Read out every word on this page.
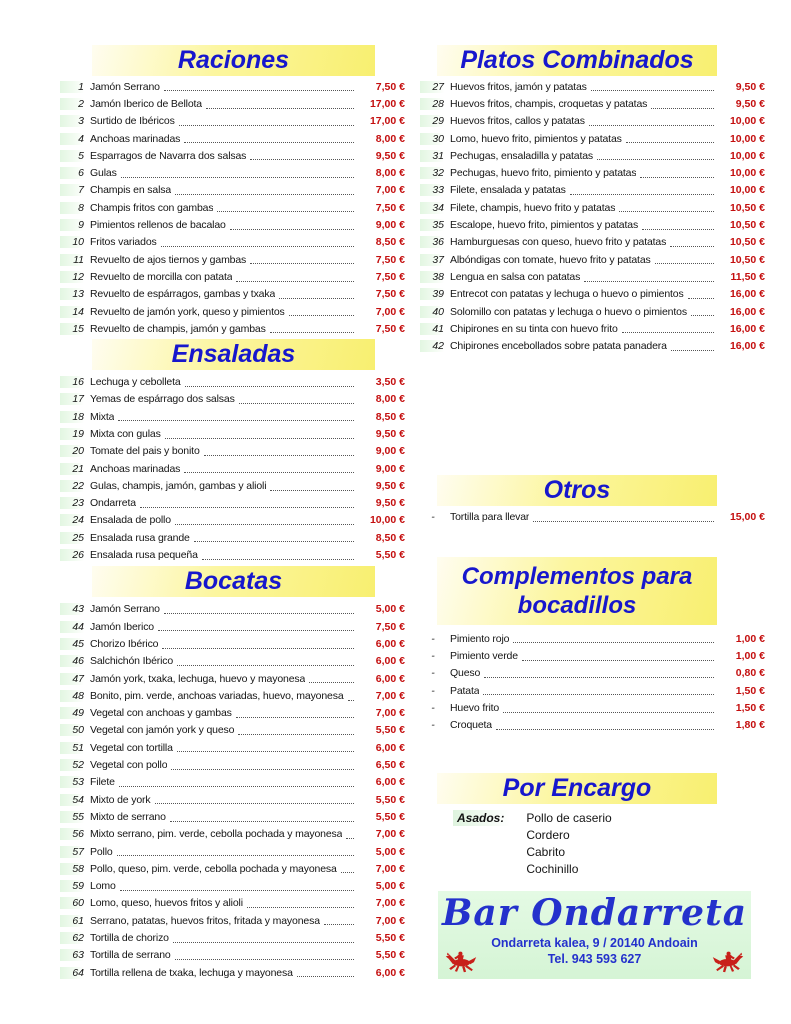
Raciones
1 Jamón Serrano	7,50 €
2 Jamón Iberico de Bellota	17,00 €
3 Surtido de Ibéricos	17,00 €
4 Anchoas marinadas	8,00 €
5 Esparragos de Navarra dos salsas	9,50 €
6 Gulas	8,00 €
7 Champis en salsa	7,00 €
8 Champis fritos con gambas	7,50 €
9 Pimientos rellenos de bacalao	9,00 €
10 Fritos variados	8,50 €
11 Revuelto de ajos tiernos y gambas	7,50 €
12 Revuelto de morcilla con patata	7,50 €
13 Revuelto de espárragos, gambas y txaka	7,50 €
14 Revuelto de jamón york, queso y pimientos	7,00 €
15 Revuelto de champis, jamón y gambas	7,50 €
Ensaladas
16 Lechuga y cebolleta	3,50 €
17 Yemas de espárrago dos salsas	8,00 €
18 Mixta	8,50 €
19 Mixta con gulas	9,50 €
20 Tomate del pais y bonito	9,00 €
21 Anchoas marinadas	9,00 €
22 Gulas, champis, jamón, gambas y alioli	9,50 €
23 Ondarreta	9,50 €
24 Ensalada de pollo	10,00 €
25 Ensalada rusa grande	8,50 €
26 Ensalada rusa pequeña	5,50 €
Bocatas
43 Jamón Serrano	5,00 €
44 Jamón Iberico	7,50 €
45 Chorizo Ibérico	6,00 €
46 Salchichón Ibérico	6,00 €
47 Jamón york, txaka, lechuga, huevo y mayonesa	6,00 €
48 Bonito, pim. verde, anchoas variadas, huevo, mayonesa	7,00 €
49 Vegetal con anchoas y gambas	7,00 €
50 Vegetal con jamón york y queso	5,50 €
51 Vegetal con tortilla	6,00 €
52 Vegetal con pollo	6,50 €
53 Filete	6,00 €
54 Mixto de york	5,50 €
55 Mixto de serrano	5,50 €
56 Mixto serrano, pim. verde, cebolla pochada y mayonesa	7,00 €
57 Pollo	5,00 €
58 Pollo, queso, pim. verde, cebolla pochada y mayonesa	7,00 €
59 Lomo	5,00 €
60 Lomo, queso, huevos fritos y alioli	7,00 €
61 Serrano, patatas, huevos fritos, fritada y mayonesa	7,00 €
62 Tortilla de chorizo	5,50 €
63 Tortilla de serrano	5,50 €
64 Tortilla rellena de txaka, lechuga y mayonesa	6,00 €
Platos Combinados
27 Huevos fritos, jamón y patatas	9,50 €
28 Huevos fritos, champis, croquetas y patatas	9,50 €
29 Huevos fritos, callos y patatas	10,00 €
30 Lomo, huevo frito, pimientos y patatas	10,00 €
31 Pechugas, ensaladilla y patatas	10,00 €
32 Pechugas, huevo frito, pimiento y patatas	10,00 €
33 Filete, ensalada y patatas	10,00 €
34 Filete, champis, huevo frito y patatas	10,50 €
35 Escalope, huevo frito, pimientos y patatas	10,50 €
36 Hamburguesas con queso, huevo frito y patatas	10,50 €
37 Albóndigas con tomate, huevo frito y patatas	10,50 €
38 Lengua en salsa con patatas	11,50 €
39 Entrecot con patatas y lechuga o huevo o pimientos	16,00 €
40 Solomillo con patatas y lechuga o huevo o pimientos	16,00 €
41 Chipirones en su tinta con huevo frito	16,00 €
42 Chipirones encebollados sobre patata panadera	16,00 €
Otros
-	Tortilla para llevar	15,00 €
Complementos para
bocadillos
-	Pimiento rojo	1,00 €
-	Pimiento verde	1,00 €
-	Queso	0,80 €
-	Patata	1,50 €
-	Huevo frito	1,50 €
-	Croqueta	1,80 €
Por Encargo
Asados:	Pollo de caserio
Cordero
Cabrito
Cochinillo
Bar Ondarreta
Ondarreta kalea, 9 / 20140 Andoain
Tel. 943 593 627
